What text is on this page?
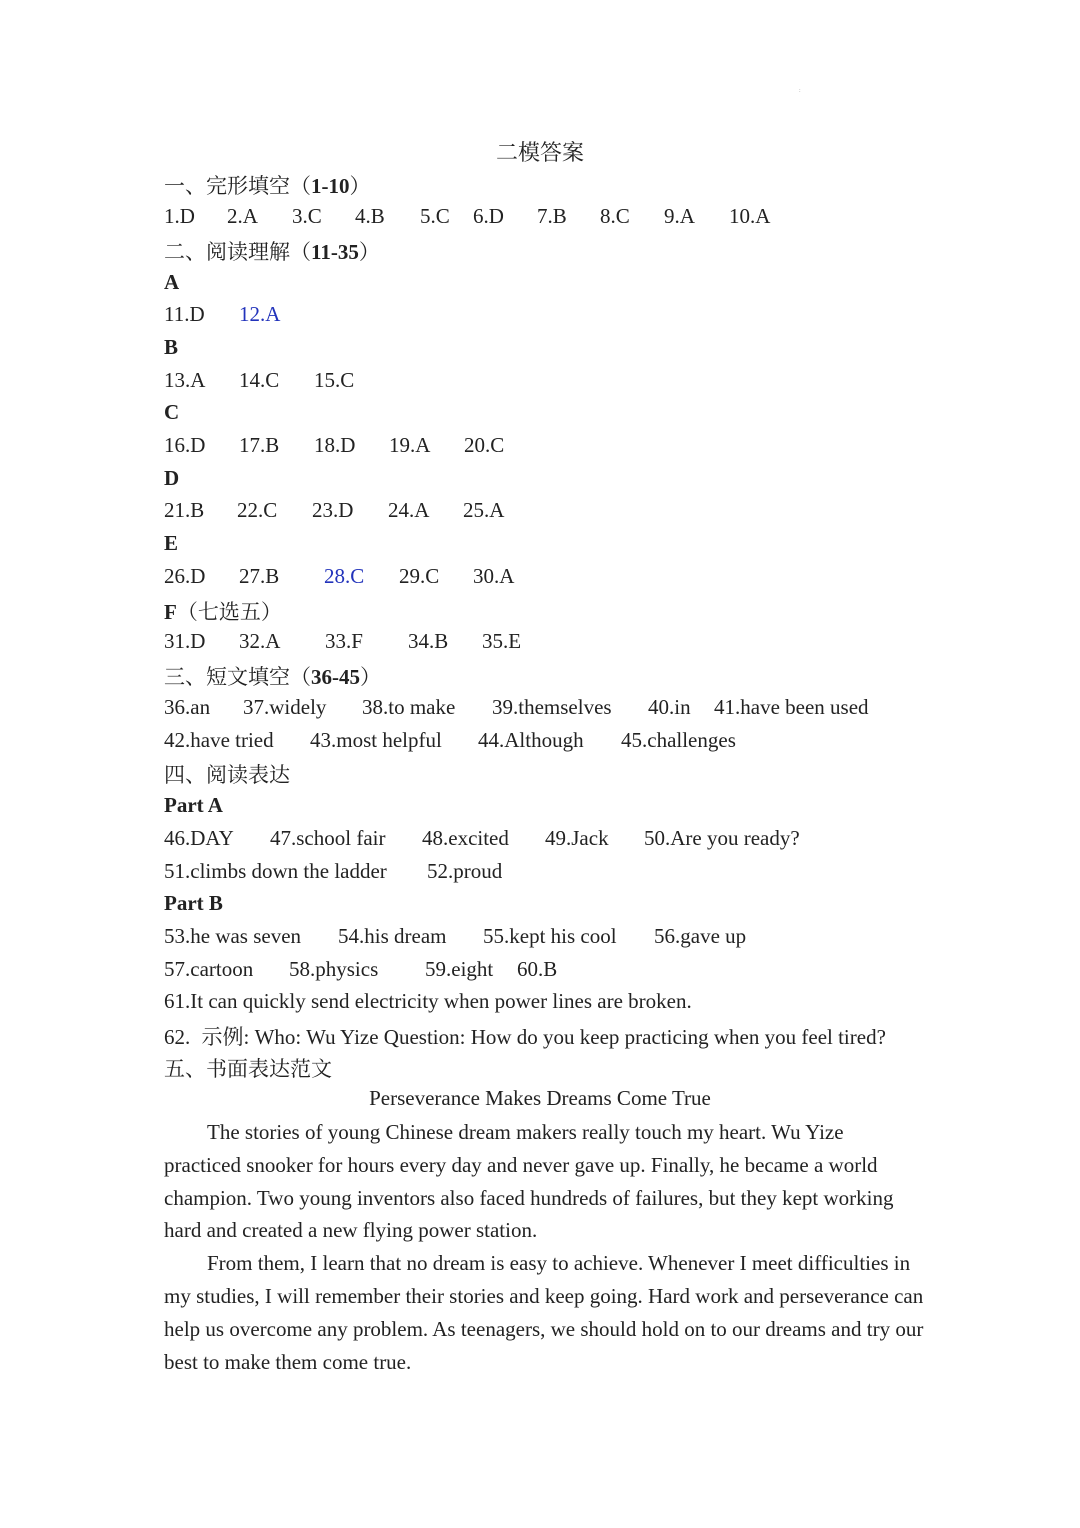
:
二模答案
一、完形填空（1-10）
1.D 2.A 3.C 4.B 5.C 6.D 7.B 8.C 9.A 10.A
二、阅读理解（11-35）
A
11.D 12.A
B
13.A 14.C 15.C
C
16.D 17.B 18.D 19.A 20.C
D
21.B 22.C 23.D 24.A 25.A
E
26.D 27.B 28.C 29.C 30.A
F（七选五）
31.D 32.A 33.F 34.B 35.E
三、短文填空（36-45）
36.an 37.widely 38.to make 39.themselves 40.in 41.have been used
42.have tried 43.most helpful 44.Although 45.challenges
四、阅读表达
Part A
46.DAY 47.school fair 48.excited 49.Jack 50.Are you ready?
51.climbs down the ladder 52.proud
Part B
53.he was seven 54.his dream 55.kept his cool 56.gave up
57.cartoon 58.physics 59.eight 60.B
61.It can quickly send electricity when power lines are broken.
62. 示例: Who: Wu Yize Question: How do you keep practicing when you feel tired?
五、书面表达范文
Perseverance Makes Dreams Come True

The stories of young Chinese dream makers really touch my heart. Wu Yize practiced snooker for hours every day and never gave up. Finally, he became a world champion. Two young inventors also faced hundreds of failures, but they kept working hard and created a new flying power station.

From them, I learn that no dream is easy to achieve. Whenever I meet difficulties in my studies, I will remember their stories and keep going. Hard work and perseverance can help us overcome any problem. As teenagers, we should hold on to our dreams and try our best to make them come true.
